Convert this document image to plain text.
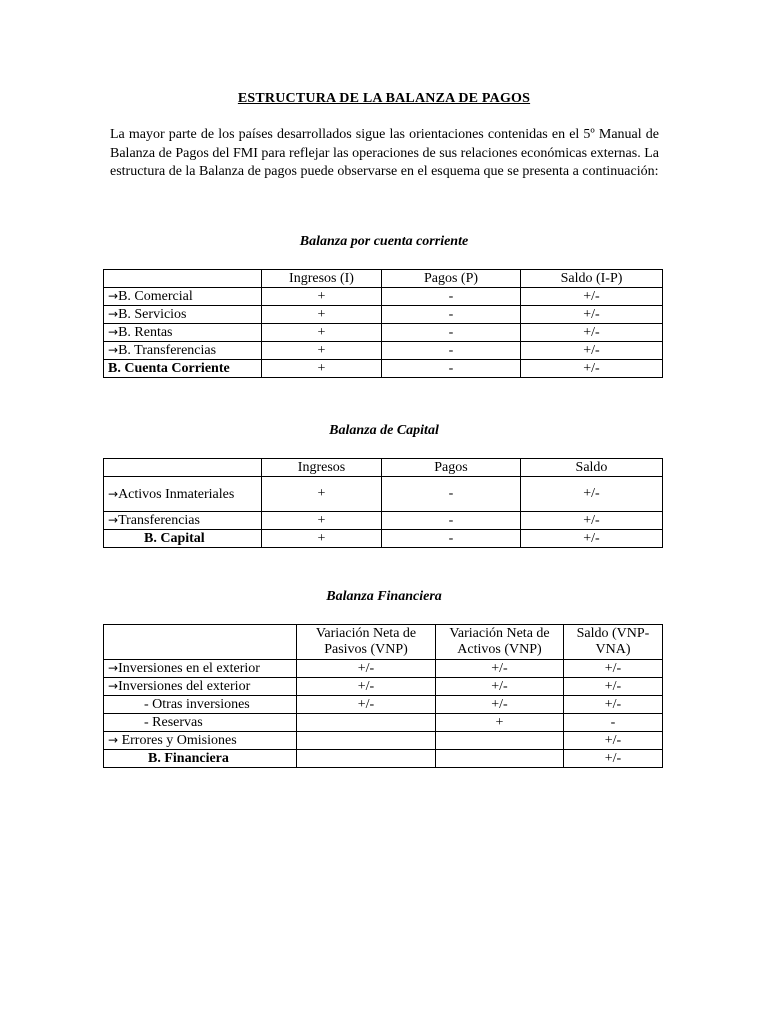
ESTRUCTURA DE LA BALANZA DE PAGOS
La mayor parte de los países desarrollados sigue las orientaciones contenidas en el 5º Manual de Balanza de Pagos del FMI para reflejar las operaciones de sus relaciones económicas externas. La estructura de la Balanza de pagos puede observarse en el esquema que se presenta a continuación:
Balanza por cuenta corriente
	Ingresos (I)	Pagos (P)	Saldo (I-P)
→B. Comercial	+	-	+/-
→B. Servicios	+	-	+/-
→B. Rentas	+	-	+/-
→B. Transferencias	+	-	+/-
B. Cuenta Corriente	+	-	+/-
Balanza de Capital
	Ingresos	Pagos	Saldo
→Activos Inmateriales	+	-	+/-
→Transferencias	+	-	+/-
B. Capital	+	-	+/-
Balanza Financiera
	Variación Neta de Pasivos (VNP)	Variación Neta de Activos (VNP)	Saldo (VNP-VNA)
→Inversiones en el exterior	+/-	+/-	+/-
→Inversiones del exterior	+/-	+/-	+/-
- Otras inversiones	+/-	+/-	+/-
- Reservas		+	-
→ Errores y Omisiones			+/-
B. Financiera			+/-
